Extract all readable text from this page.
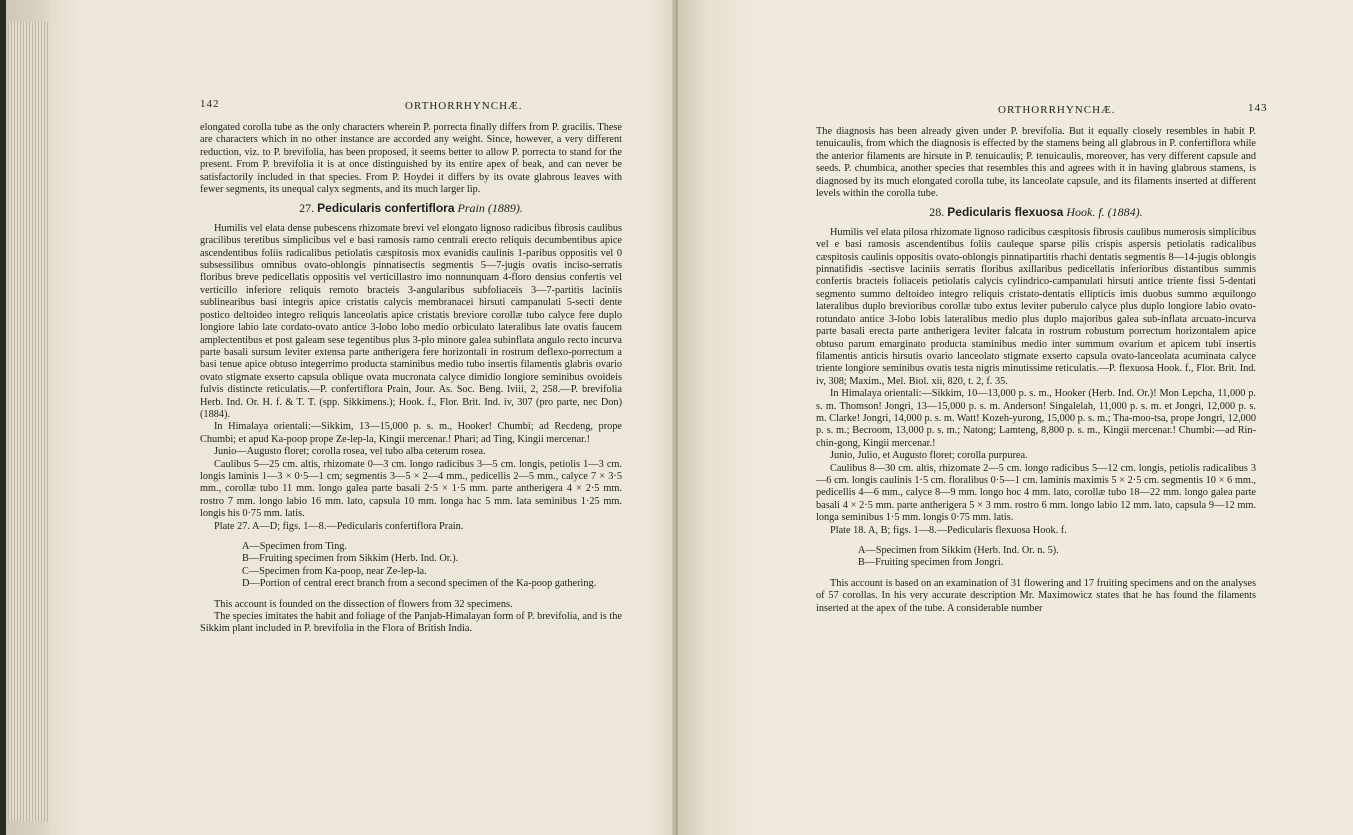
142	ORTHORRHYNCHÆ.

elongated corolla tube as the only characters wherein P. porrecta finally differs from P. gracilis. These are characters which in no other instance are accorded any weight. Since, however, a very different reduction, viz. to P. brevifolia, has been proposed, it seems better to allow P. porrecta to stand for the present. From P. brevifolia it is at once distinguished by its entire apex of beak, and can never be satisfactorily included in that species. From P. Hoydei it differs by its ovate glabrous leaves with fewer segments, its unequal calyx segments, and its much larger lip.

27. Pedicularis confertiflora Prain (1889).

Humilis vel elata dense pubescens rhizomate brevi vel elongato lignoso radicibus fibrosis caulibus gracilibus teretibus simplicibus vel e basi ramosis ramo centrali erecto reliquis decumbentibus apice ascendentibus foliis radicalibus petiolatis cæspitosis mox evanidis caulinis 1-paribus oppositis vel 0 subsessilibus omnibus ovato-oblongis pinnatisectis segmentis 5—7-jugis ovatis inciso-serratis floribus breve pedicellatis oppositis vel verticillastro imo nonnunquam 4-floro densius confertis vel verticillo inferiore reliquis remoto bracteis 3-angularibus subfoliaceis 3—7-partitis laciniis sublinearibus basi integris apice cristatis calycis membranacei hirsuti campanulati 5-secti dente postico deltoideo integro reliquis lanceolatis apice cristatis breviore corollæ tubo calyce fere duplo longiore labio late cordato-ovato antice 3-lobo lobo medio orbiculato lateralibus late ovatis faucem amplectentibus et post galeam sese tegentibus plus 3-plo minore galea subinflata angulo recto incurva parte basali sursum leviter extensa parte antherigera fere horizontali in rostrum deflexo-porrectum a basi tenue apice obtuso integerrimo producta staminibus medio tubo insertis filamentis glabris ovario ovato stigmate exserto capsula oblique ovata mucronata calyce dimidio longiore seminibus ovoideis fulvis distincte reticulatis.—P. confertiflora Prain, Jour. As. Soc. Beng. lviii, 2, 258.—P. brevifolia Herb. Ind. Or. H. f. & T. T. (spp. Sikkimens.); Hook. f., Flor. Brit. Ind. iv, 307 (pro parte, nec Don) (1884).

In Himalaya orientali:—Sikkim, 13—15,000 p. s. m., Hooker! Chumbi; ad Recdeng, prope Chumbi; et apud Ka-poop prope Ze-lep-la, Kingii mercenar.! Phari; ad Ting, Kingii mercenar.!

Junio—Augusto floret; corolla rosea, vel tubo alba ceterum rosea.

Caulibus 5—25 cm. altis, rhizomate 0—3 cm. longo radicibus 3—5 cm. longis, petiolis 1—3 cm. longis laminis 1—3 × 0·5—1 cm; segmentis 3—5 × 2—4 mm., pedicellis 2—5 mm., calyce 7 × 3·5 mm., corollæ tubo 11 mm. longo galea parte basali 2·5 × 1·5 mm. parte antherigera 4 × 2·5 mm. rostro 7 mm. longo labio 16 mm. lato, capsula 10 mm. longa hac 5 mm. lata seminibus 1·25 mm. longis his 0·75 mm. latis.

Plate 27. A—D; figs. 1—8.—Pedicularis confertiflora Prain.

A—Specimen from Ting.

B—Fruiting specimen from Sikkim (Herb. Ind. Or.).

C—Specimen from Ka-poop, near Ze-lep-la.

D—Portion of central erect branch from a second specimen of the Ka-poop gathering.

This account is founded on the dissection of flowers from 32 specimens.

The species imitates the habit and foliage of the Panjab-Himalayan form of P. brevifolia, and is the Sikkim plant included in P. brevifolia in the Flora of British India.

ORTHORRHYNCHÆ.	143

The diagnosis has been already given under P. brevifolia. But it equally closely resembles in habit P. tenuicaulis, from which the diagnosis is effected by the stamens being all glabrous in P. confertiflora while the anterior filaments are hirsute in P. tenuicaulis; P. tenuicaulis, moreover, has very different capsule and seeds. P. chumbica, another species that resembles this and agrees with it in having glabrous stamens, is diagnosed by its much elongated corolla tube, its lanceolate capsule, and its filaments inserted at different levels within the corolla tube.

28. Pedicularis flexuosa Hook. f. (1884).

Humilis vel elata pilosa rhizomate lignoso radicibus cæspitosis fibrosis caulibus numerosis simplicibus vel e basi ramosis ascendentibus foliis cauleque sparse pilis crispis aspersis petiolatis radicalibus cæspitosis caulinis oppositis ovato-oblongis pinnatipartitis rhachi dentatis segmentis 8—14-jugis oblongis pinnatifidis -sectisve laciniis serratis floribus axillaribus pedicellatis inferioribus distantibus summis confertis bracteis foliaceis petiolatis calycis cylindrico-campanulati hirsuti antice triente fissi 5-dentati segmento summo deltoideo integro reliquis cristato-dentatis ellipticis imis duobus summo æquilongo lateralibus duplo brevioribus corollæ tubo extus leviter puberulo calyce plus duplo longiore labio ovato-rotundato antice 3-lobo lobis lateralibus medio plus duplo majoribus galea sub-inflata arcuato-incurva parte basali erecta parte antherigera leviter falcata in rostrum robustum porrectum horizontalem apice obtuso parum emarginato producta staminibus medio inter summum ovarium et apicem tubi insertis filamentis anticis hirsutis ovario lanceolato stigmate exserto capsula ovato-lanceolata acuminata calyce triente longiore seminibus ovatis testa nigris minutissime reticulatis.—P. flexuosa Hook. f., Flor. Brit. Ind. iv, 308; Maxim., Mel. Biol. xii, 820, t. 2, f. 35.

In Himalaya orientali:—Sikkim, 10—13,000 p. s. m., Hooker (Herb. Ind. Or.)! Mon Lepcha, 11,000 p. s. m. Thomson! Jongri, 13—15,000 p. s. m. Anderson! Singalelah, 11,000 p. s. m. et Jongri, 12,000 p. s. m. Clarke! Jongri, 14,000 p. s. m. Watt! Kozeh-yurong, 15,000 p. s. m.; Tha-moo-tsa, prope Jongri, 12,000 p. s. m.; Becroom, 13,000 p. s. m.; Natong; Lamteng, 8,800 p. s. m., Kingii mercenar.! Chumbi:—ad Rin-chin-gong, Kingii mercenar.!

Junio, Julio, et Augusto floret; corolla purpurea.

Caulibus 8—30 cm. altis, rhizomate 2—5 cm. longo radicibus 5—12 cm. longis, petiolis radicalibus 3—6 cm. longis caulinis 1·5 cm. floralibus 0·5—1 cm. laminis maximis 5 × 2·5 cm. segmentis 10 × 6 mm., pedicellis 4—6 mm., calyce 8—9 mm. longo hoc 4 mm. lato, corollæ tubo 18—22 mm. longo galea parte basali 4 × 2·5 mm. parte antherigera 5 × 3 mm. rostro 6 mm. longo labio 12 mm. lato, capsula 9—12 mm. longa seminibus 1·5 mm. longis 0·75 mm. latis.

Plate 18. A, B; figs. 1—8.—Pedicularis flexuosa Hook. f.

A—Specimen from Sikkim (Herb. Ind. Or. n. 5).

B—Fruiting specimen from Jongri.

This account is based on an examination of 31 flowering and 17 fruiting specimens and on the analyses of 57 corollas. In his very accurate description Mr. Maximowicz states that he has found the filaments inserted at the apex of the tube. A considerable number
